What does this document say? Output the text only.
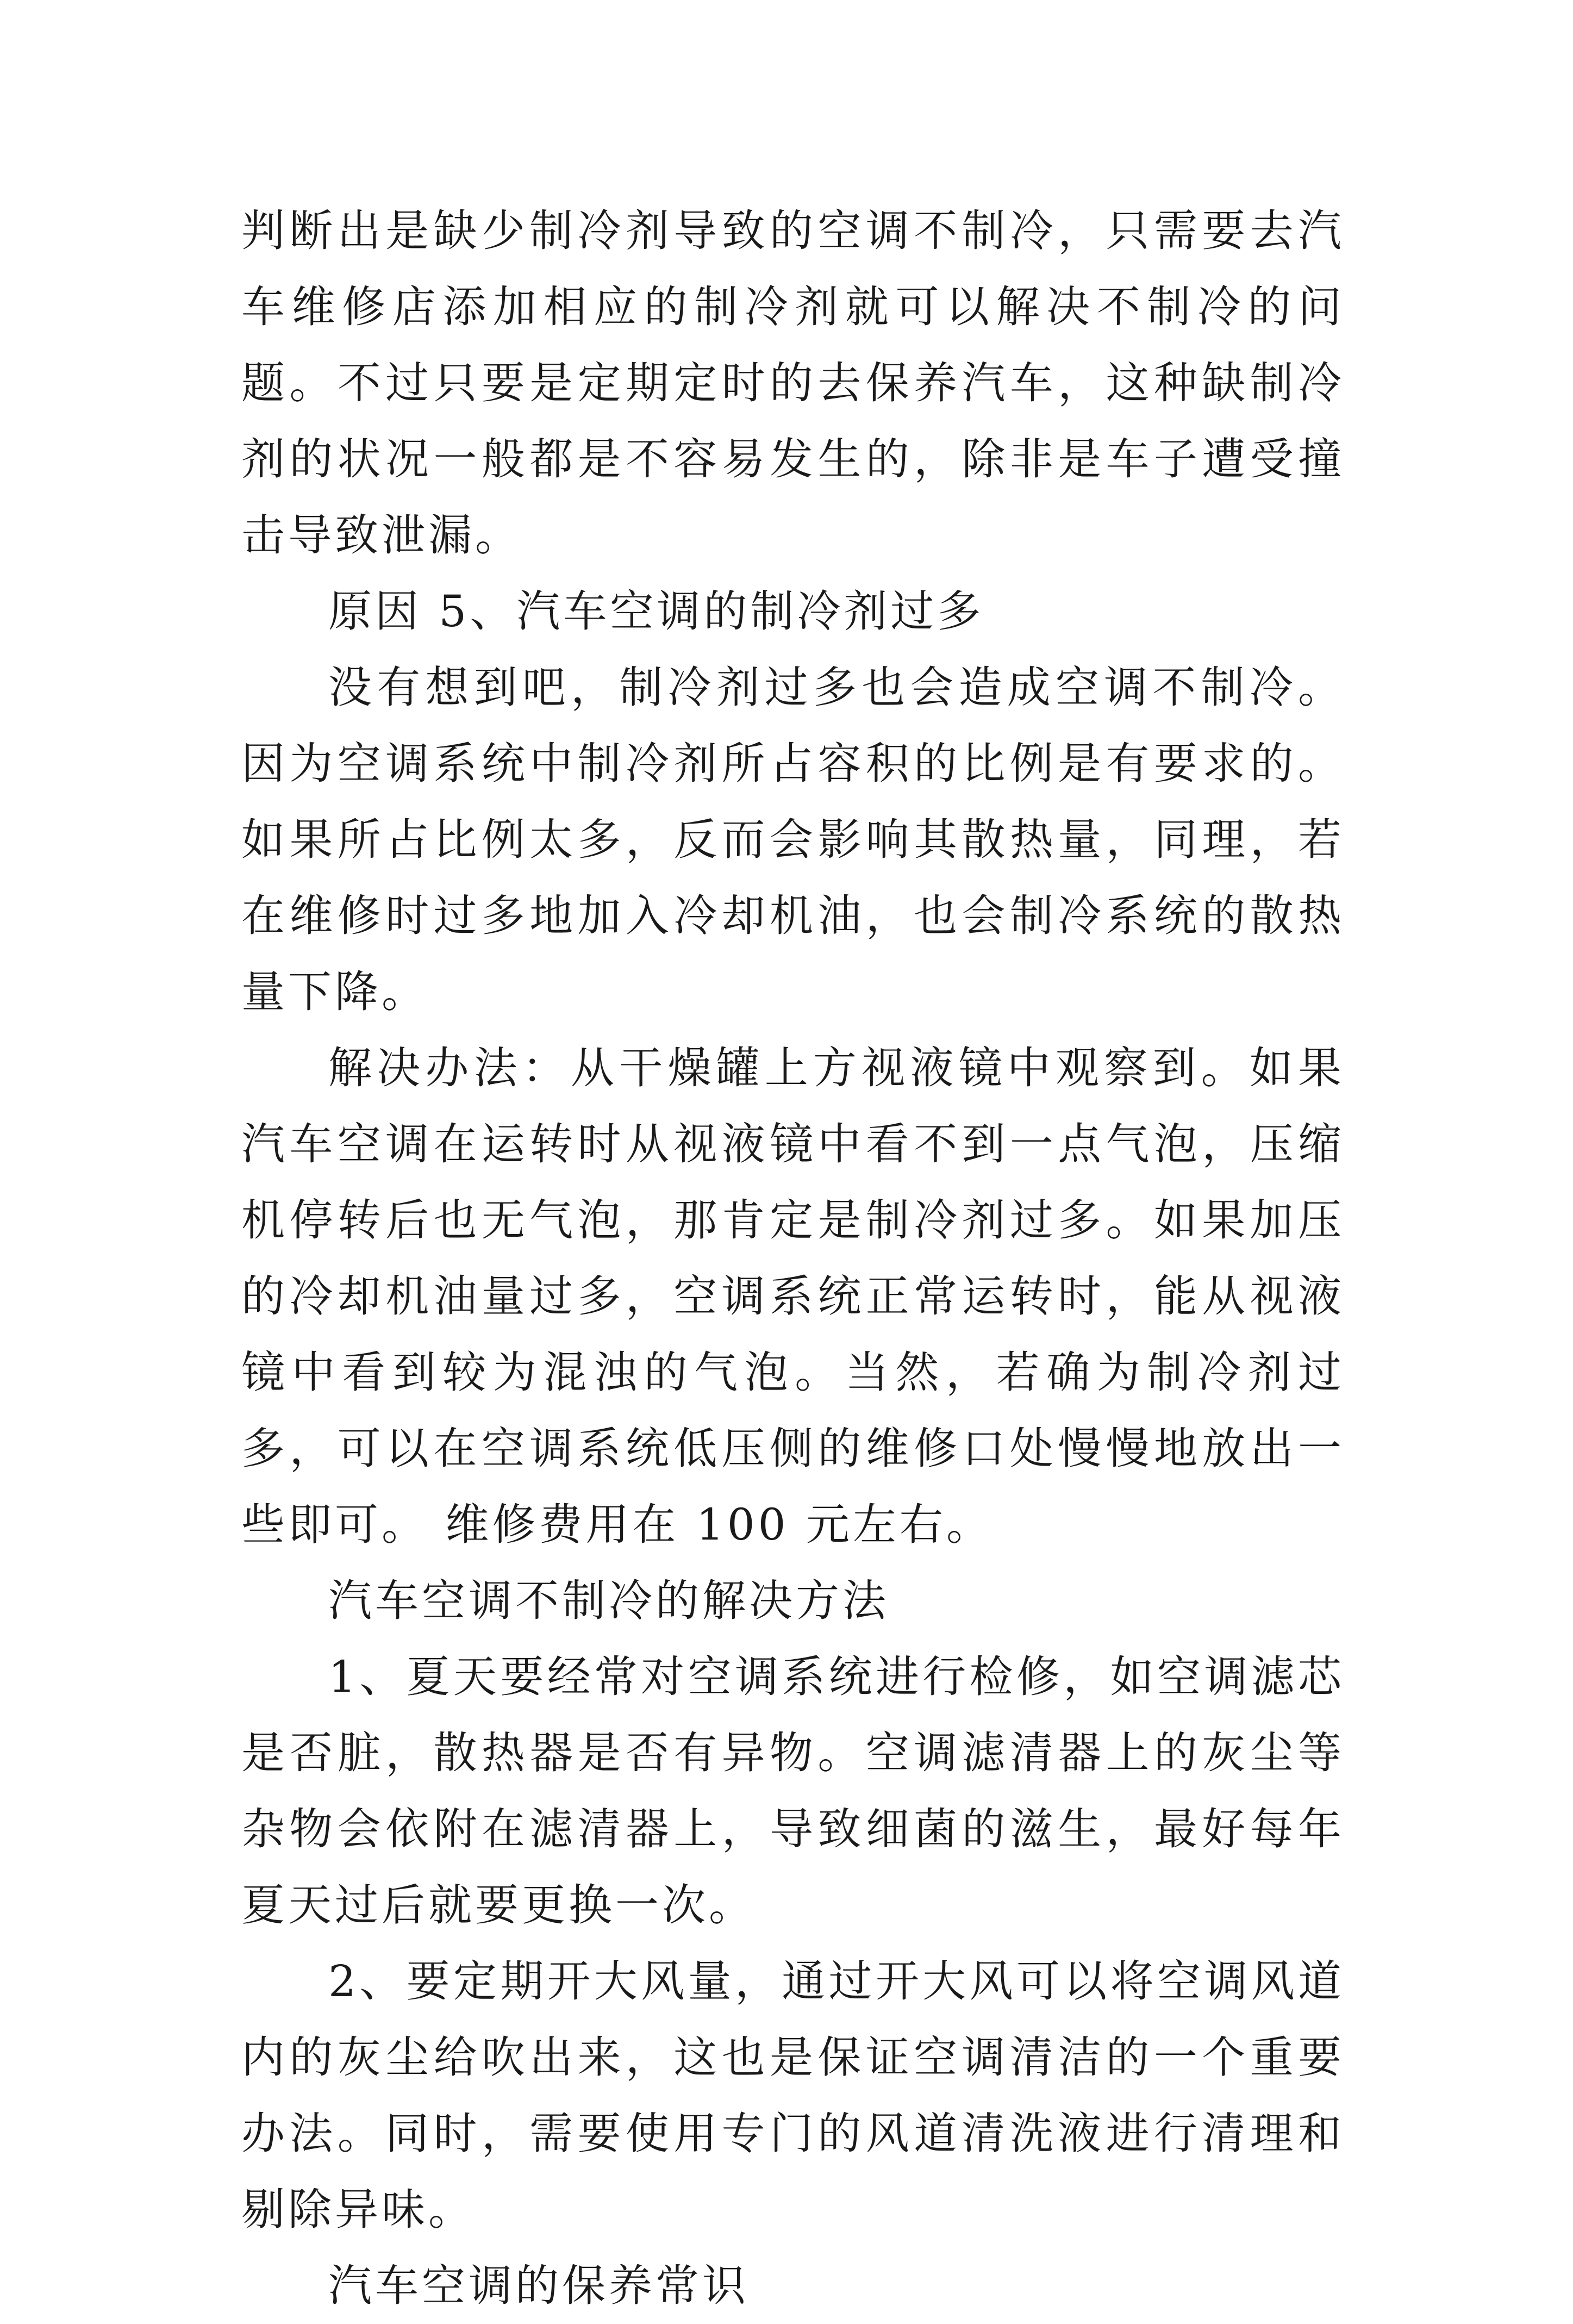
判断出是缺少制冷剂导致的空调不制冷，只需要去汽车维修店添加相应的制冷剂就可以解决不制冷的问题。不过只要是定期定时的去保养汽车，这种缺制冷剂的状况一般都是不容易发生的，除非是车子遭受撞击导致泄漏。

原因 5、汽车空调的制冷剂过多

没有想到吧，制冷剂过多也会造成空调不制冷。因为空调系统中制冷剂所占容积的比例是有要求的。如果所占比例太多，反而会影响其散热量，同理，若在维修时过多地加入冷却机油，也会制冷系统的散热量下降。

解决办法：从干燥罐上方视液镜中观察到。如果汽车空调在运转时从视液镜中看不到一点气泡，压缩机停转后也无气泡，那肯定是制冷剂过多。如果加压的冷却机油量过多，空调系统正常运转时，能从视液镜中看到较为混浊的气泡。当然，若确为制冷剂过多，可以在空调系统低压侧的维修口处慢慢地放出一些即可。 维修费用在 100 元左右。

汽车空调不制冷的解决方法

1、夏天要经常对空调系统进行检修，如空调滤芯是否脏，散热器是否有异物。空调滤清器上的灰尘等杂物会依附在滤清器上，导致细菌的滋生，最好每年夏天过后就要更换一次。

2、要定期开大风量，通过开大风可以将空调风道内的灰尘给吹出来，这也是保证空调清洁的一个重要办法。同时，需要使用专门的风道清洗液进行清理和剔除异味。

汽车空调的保养常识
